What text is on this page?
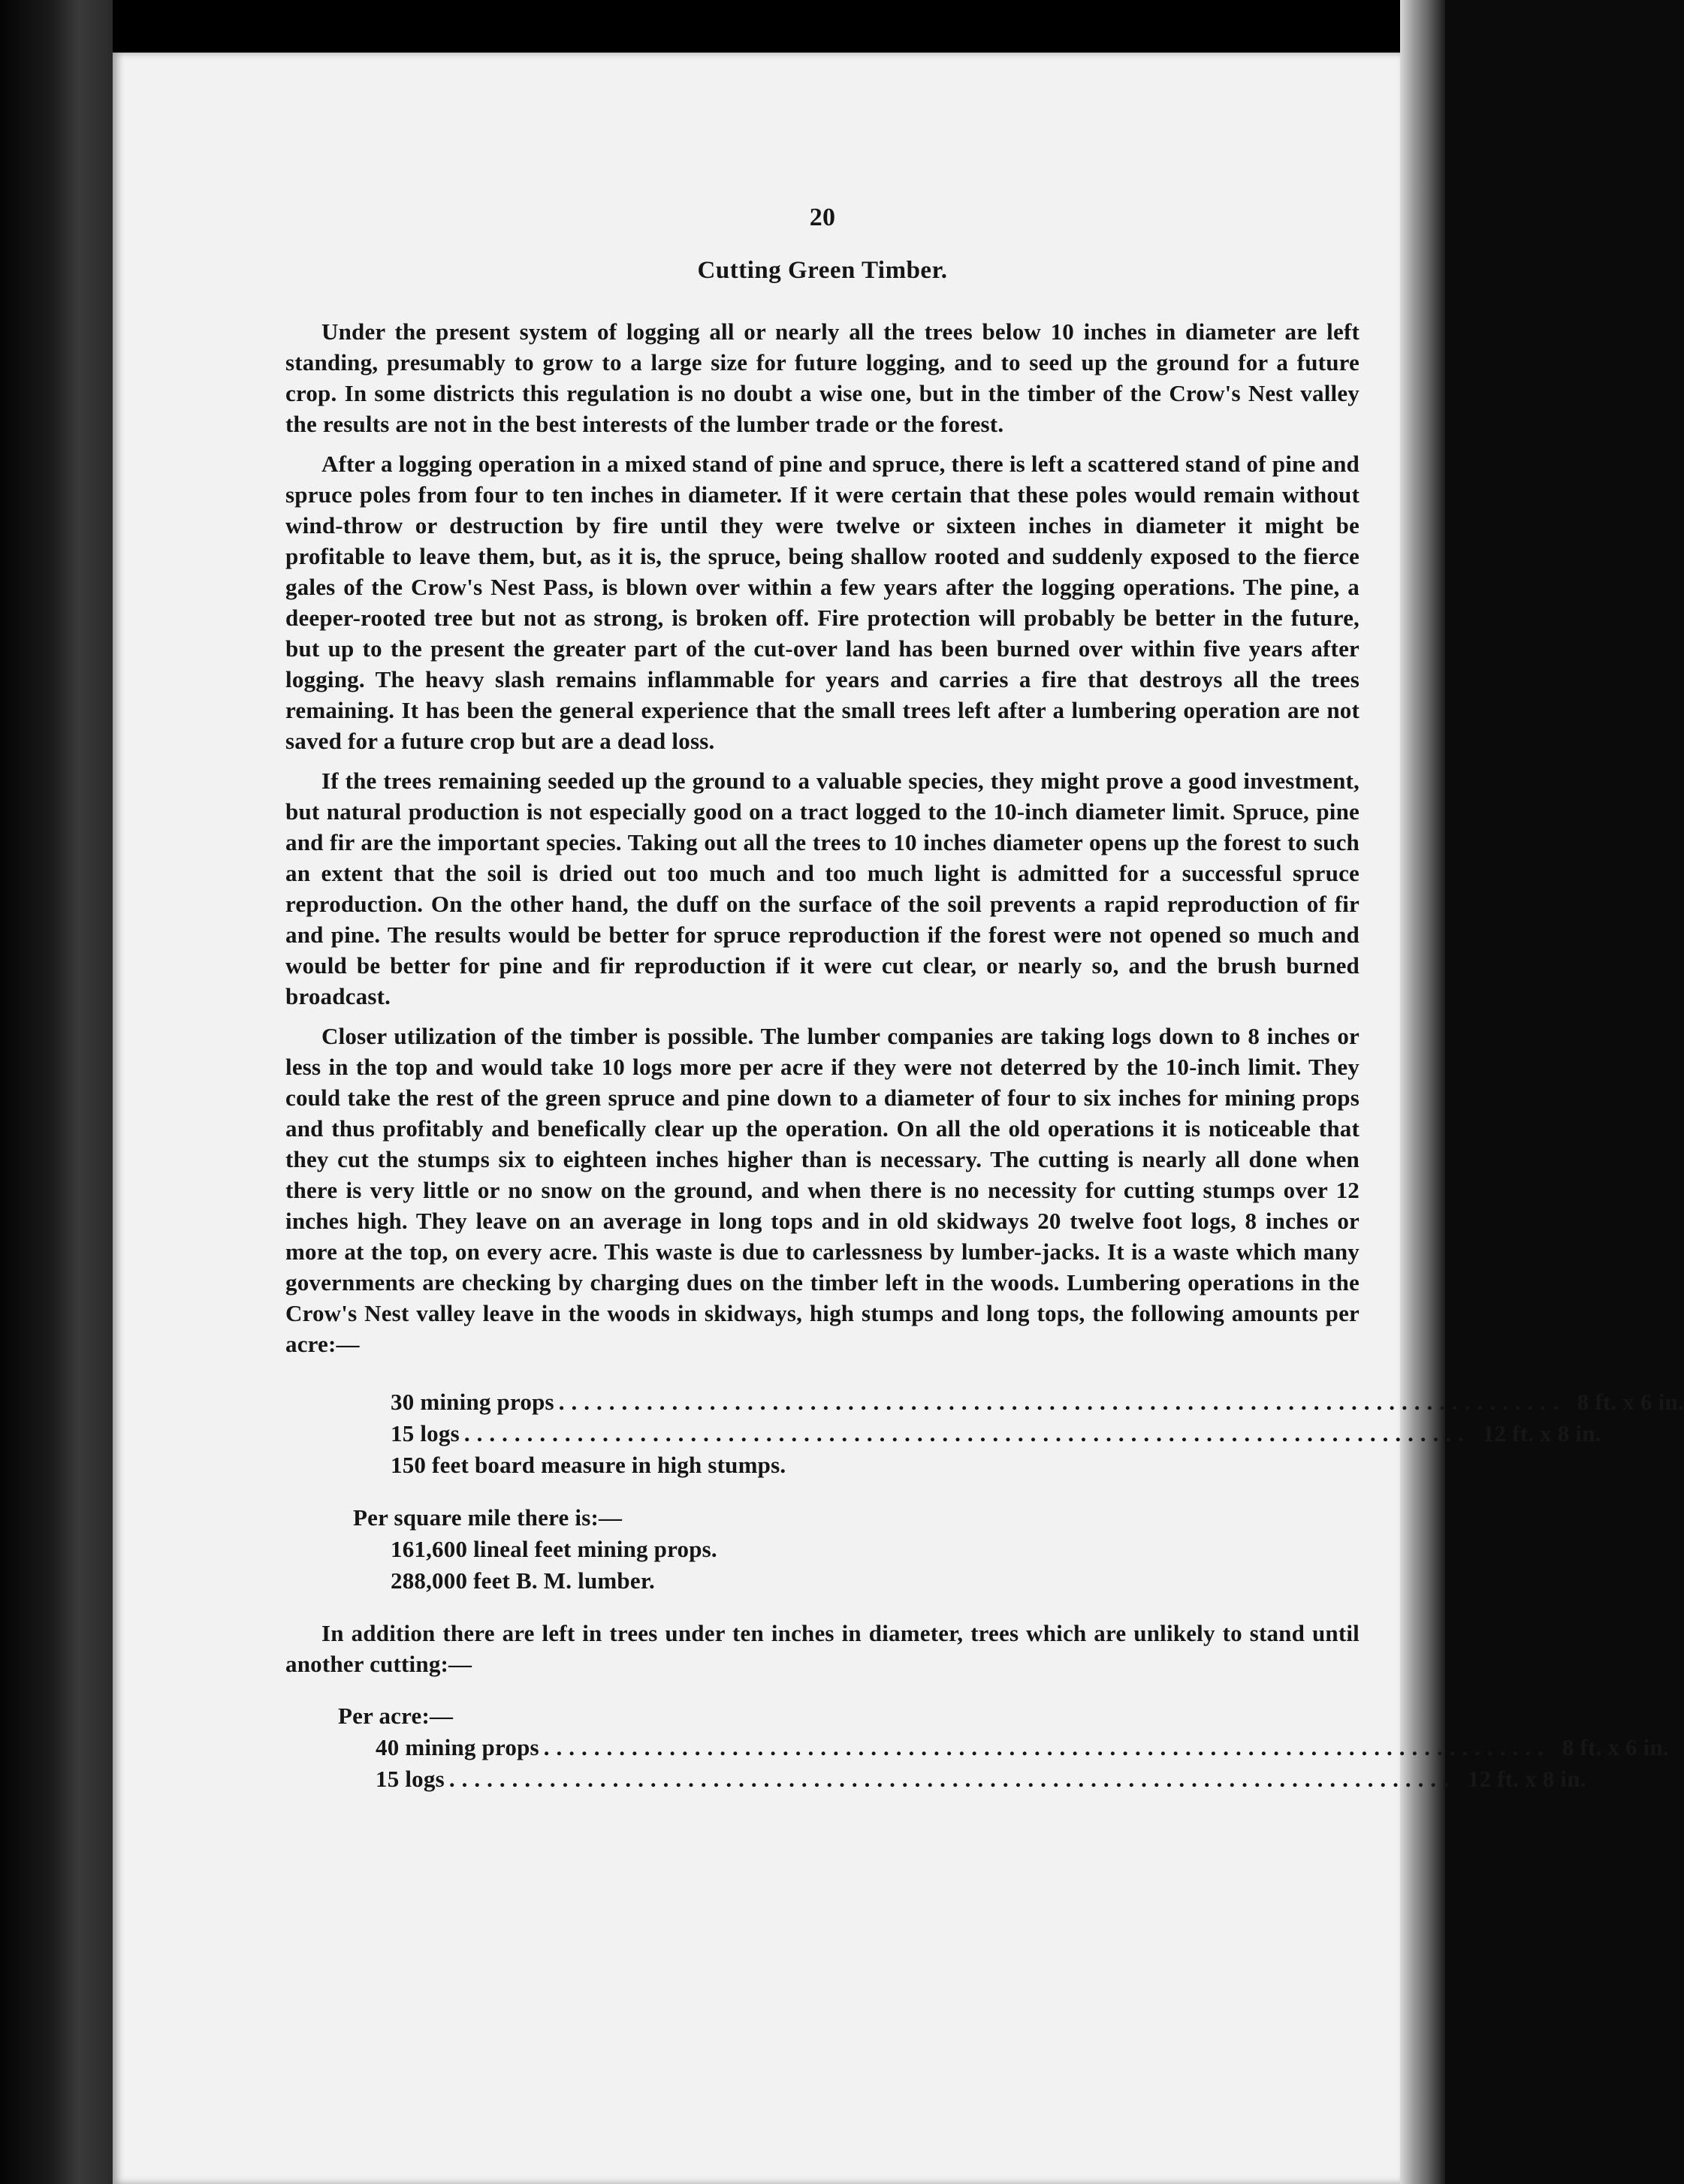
20
Cutting Green Timber.

Under the present system of logging all or nearly all the trees below 10 inches in diameter are left standing, presumably to grow to a large size for future logging, and to seed up the ground for a future crop. In some districts this regulation is no doubt a wise one, but in the timber of the Crow's Nest valley the results are not in the best interests of the lumber trade or the forest.

After a logging operation in a mixed stand of pine and spruce, there is left a scattered stand of pine and spruce poles from four to ten inches in diameter. If it were certain that these poles would remain without wind-throw or destruction by fire until they were twelve or sixteen inches in diameter it might be profitable to leave them, but, as it is, the spruce, being shallow rooted and suddenly exposed to the fierce gales of the Crow's Nest Pass, is blown over within a few years after the logging operations. The pine, a deeper-rooted tree but not as strong, is broken off. Fire protection will probably be better in the future, but up to the present the greater part of the cut-over land has been burned over within five years after logging. The heavy slash remains inflammable for years and carries a fire that destroys all the trees remaining. It has been the general experience that the small trees left after a lumbering operation are not saved for a future crop but are a dead loss.

If the trees remaining seeded up the ground to a valuable species, they might prove a good investment, but natural production is not especially good on a tract logged to the 10-inch diameter limit. Spruce, pine and fir are the important species. Taking out all the trees to 10 inches diameter opens up the forest to such an extent that the soil is dried out too much and too much light is admitted for a successful spruce reproduction. On the other hand, the duff on the surface of the soil prevents a rapid reproduction of fir and pine. The results would be better for spruce reproduction if the forest were not opened so much and would be better for pine and fir reproduction if it were cut clear, or nearly so, and the brush burned broadcast.

Closer utilization of the timber is possible. The lumber companies are taking logs down to 8 inches or less in the top and would take 10 logs more per acre if they were not deterred by the 10-inch limit. They could take the rest of the green spruce and pine down to a diameter of four to six inches for mining props and thus profitably and benefically clear up the operation. On all the old operations it is noticeable that they cut the stumps six to eighteen inches higher than is necessary. The cutting is nearly all done when there is very little or no snow on the ground, and when there is no necessity for cutting stumps over 12 inches high. They leave on an average in long tops and in old skidways 20 twelve foot logs, 8 inches or more at the top, on every acre. This waste is due to carlessness by lumber-jacks. It is a waste which many governments are checking by charging dues on the timber left in the woods. Lumbering operations in the Crow's Nest valley leave in the woods in skidways, high stumps and long tops, the following amounts per acre:—

30 mining props ................................................................................ 8 ft. x 6 in.
15 logs ................................................................................ 12 ft. x 8 in.
150 feet board measure in high stumps.
Per square mile there is:—
161,600 lineal feet mining props.
288,000 feet B. M. lumber.

In addition there are left in trees under ten inches in diameter, trees which are unlikely to stand until another cutting:—

Per acre:—
40 mining props ................................................................................ 8 ft. x 6 in.
15 logs ................................................................................ 12 ft. x 8 in.
